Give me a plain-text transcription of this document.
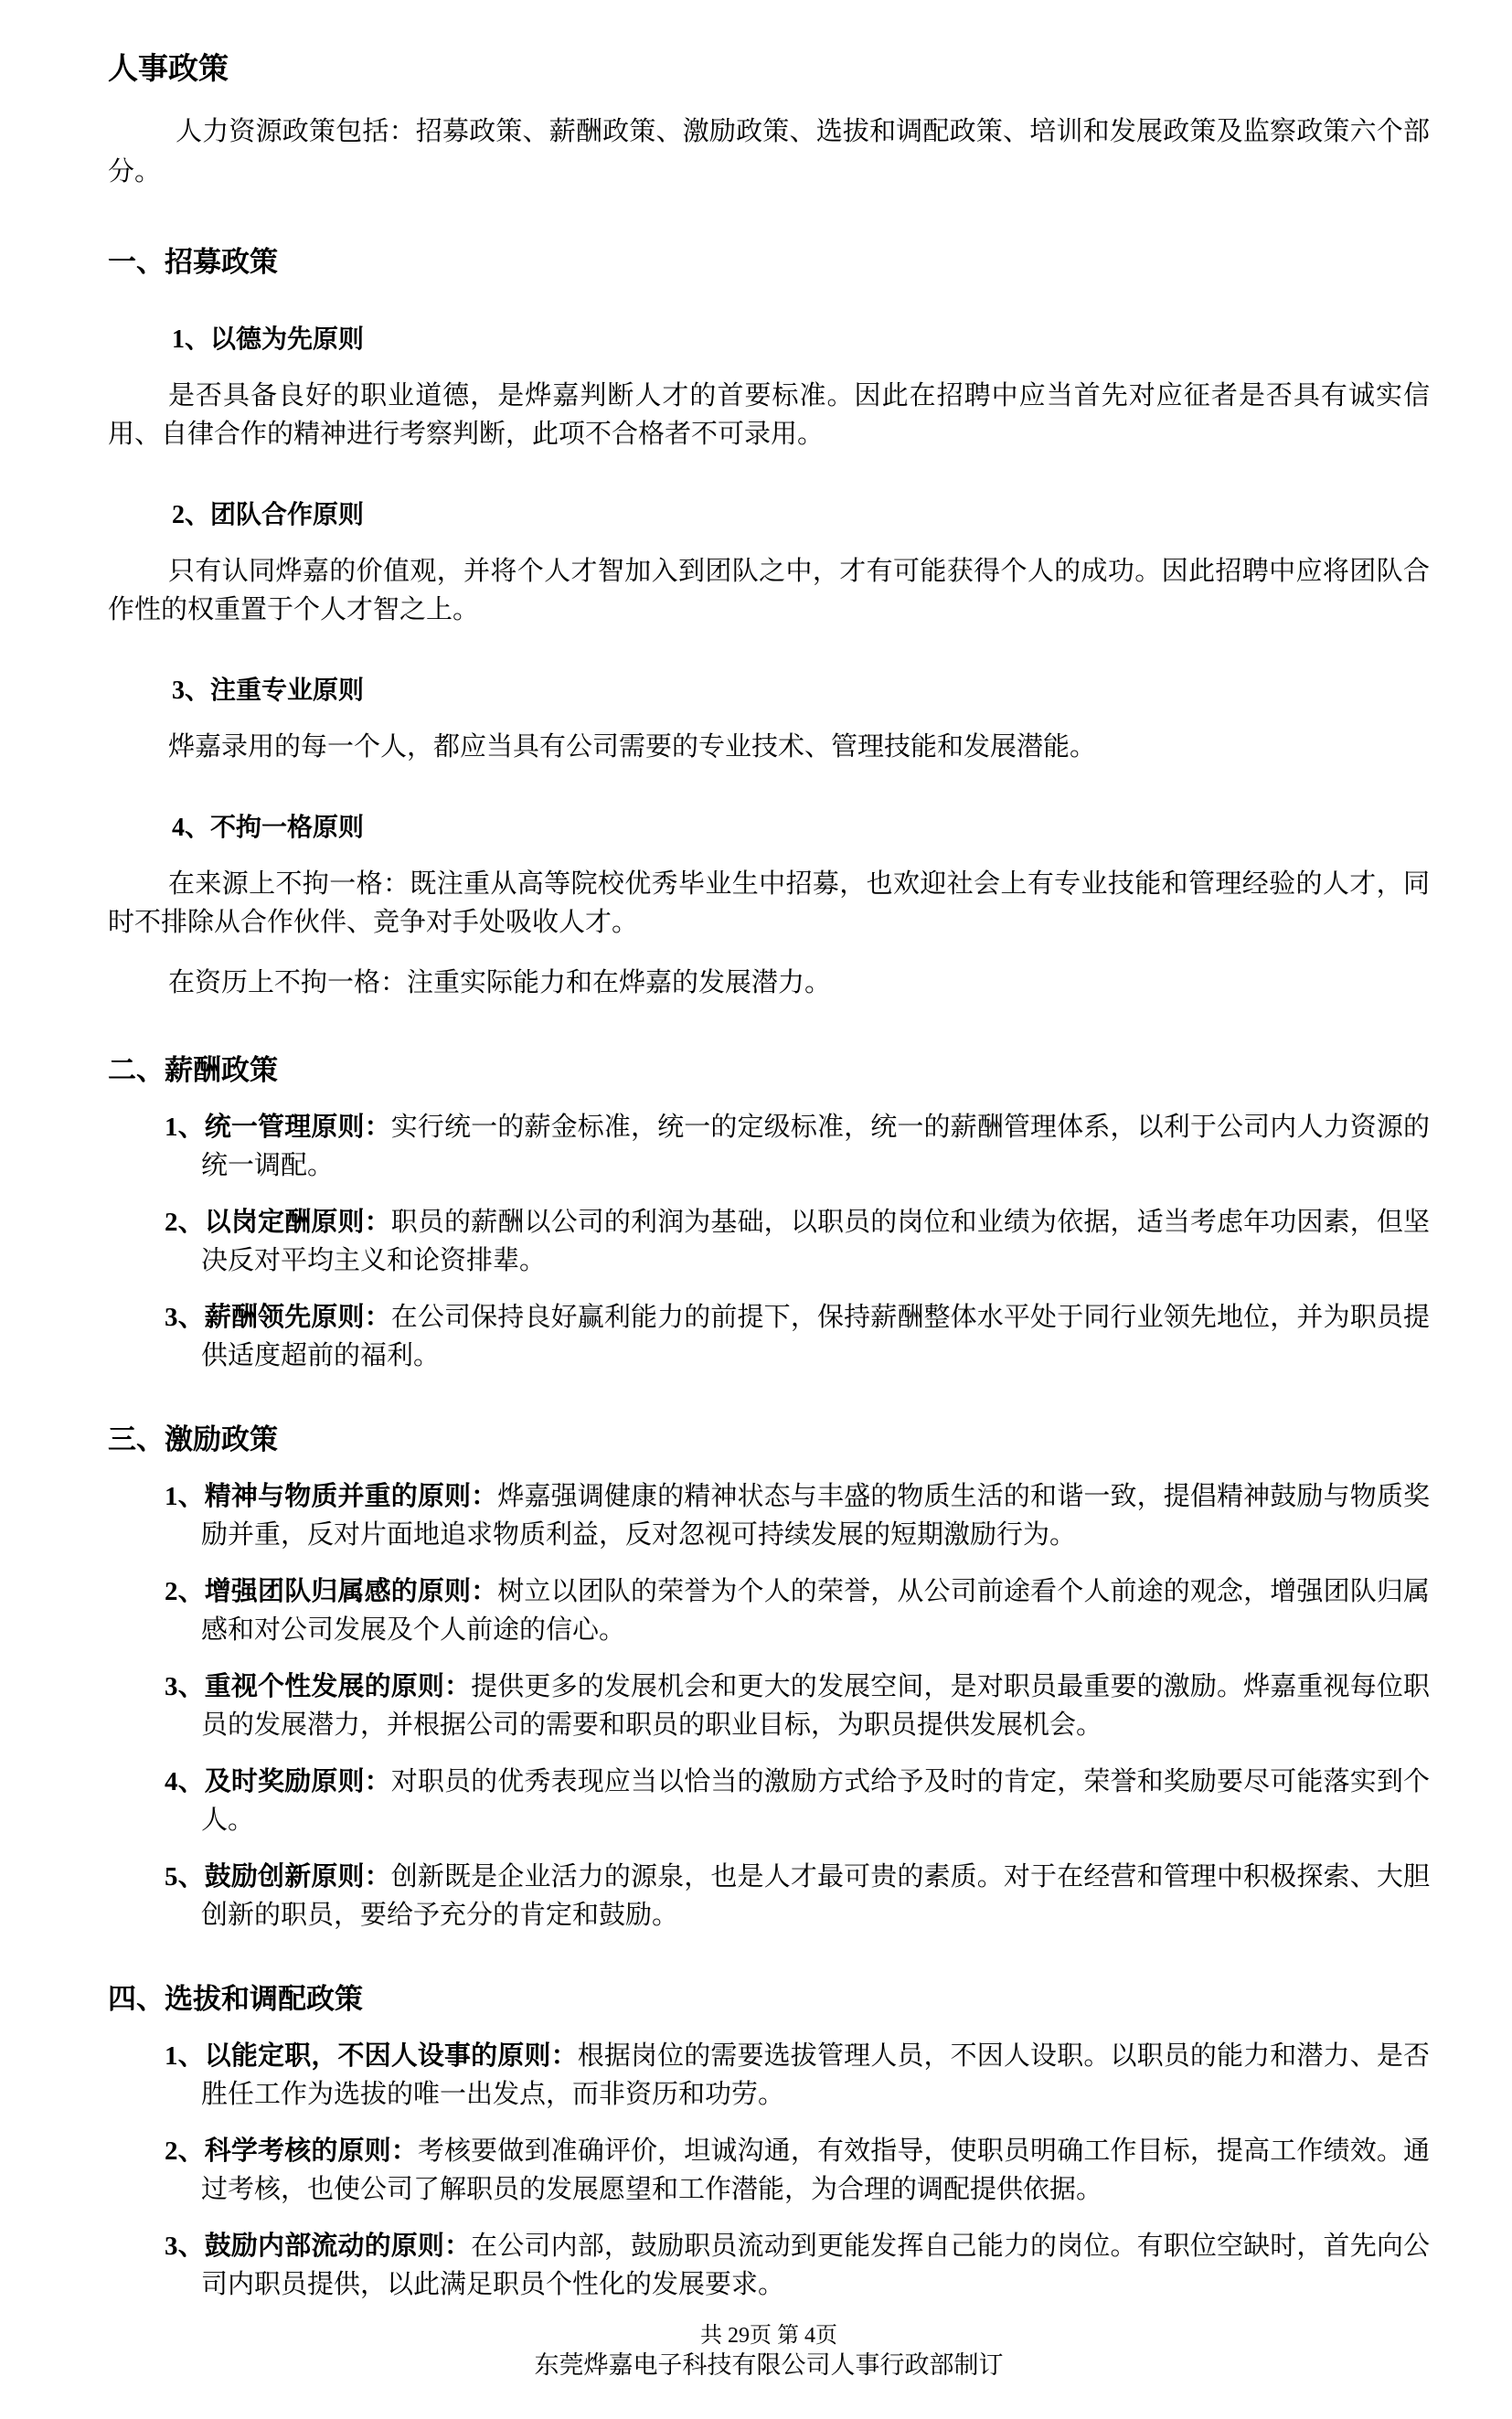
人事政策

人力资源政策包括：招募政策、薪酬政策、激励政策、选拔和调配政策、培训和发展政策及监察政策六个部分。

一、招募政策
1、以德为先原则

是否具备良好的职业道德，是烨嘉判断人才的首要标准。因此在招聘中应当首先对应征者是否具有诚实信用、自律合作的精神进行考察判断，此项不合格者不可录用。

2、团队合作原则

只有认同烨嘉的价值观，并将个人才智加入到团队之中，才有可能获得个人的成功。因此招聘中应将团队合作性的权重置于个人才智之上。

3、注重专业原则

烨嘉录用的每一个人，都应当具有公司需要的专业技术、管理技能和发展潜能。

4、不拘一格原则

在来源上不拘一格：既注重从高等院校优秀毕业生中招募，也欢迎社会上有专业技能和管理经验的人才，同时不排除从合作伙伴、竞争对手处吸收人才。

在资历上不拘一格：注重实际能力和在烨嘉的发展潜力。

二、薪酬政策

1、统一管理原则：实行统一的薪金标准，统一的定级标准，统一的薪酬管理体系，以利于公司内人力资源的统一调配。

2、以岗定酬原则：职员的薪酬以公司的利润为基础，以职员的岗位和业绩为依据，适当考虑年功因素，但坚决反对平均主义和论资排辈。

3、薪酬领先原则：在公司保持良好赢利能力的前提下，保持薪酬整体水平处于同行业领先地位，并为职员提供适度超前的福利。

三、激励政策

1、精神与物质并重的原则：烨嘉强调健康的精神状态与丰盛的物质生活的和谐一致，提倡精神鼓励与物质奖励并重，反对片面地追求物质利益，反对忽视可持续发展的短期激励行为。

2、增强团队归属感的原则：树立以团队的荣誉为个人的荣誉，从公司前途看个人前途的观念，增强团队归属感和对公司发展及个人前途的信心。

3、重视个性发展的原则：提供更多的发展机会和更大的发展空间，是对职员最重要的激励。烨嘉重视每位职员的发展潜力，并根据公司的需要和职员的职业目标，为职员提供发展机会。

4、及时奖励原则：对职员的优秀表现应当以恰当的激励方式给予及时的肯定，荣誉和奖励要尽可能落实到个人。

5、鼓励创新原则：创新既是企业活力的源泉，也是人才最可贵的素质。对于在经营和管理中积极探索、大胆创新的职员，要给予充分的肯定和鼓励。

四、选拔和调配政策

1、以能定职，不因人设事的原则：根据岗位的需要选拔管理人员，不因人设职。以职员的能力和潜力、是否胜任工作为选拔的唯一出发点，而非资历和功劳。

2、科学考核的原则：考核要做到准确评价，坦诚沟通，有效指导，使职员明确工作目标，提高工作绩效。通过考核，也使公司了解职员的发展愿望和工作潜能，为合理的调配提供依据。

3、鼓励内部流动的原则：在公司内部，鼓励职员流动到更能发挥自己能力的岗位。有职位空缺时，首先向公司内职员提供，以此满足职员个性化的发展要求。

共 29页 第 4页
东莞烨嘉电子科技有限公司人事行政部制订
